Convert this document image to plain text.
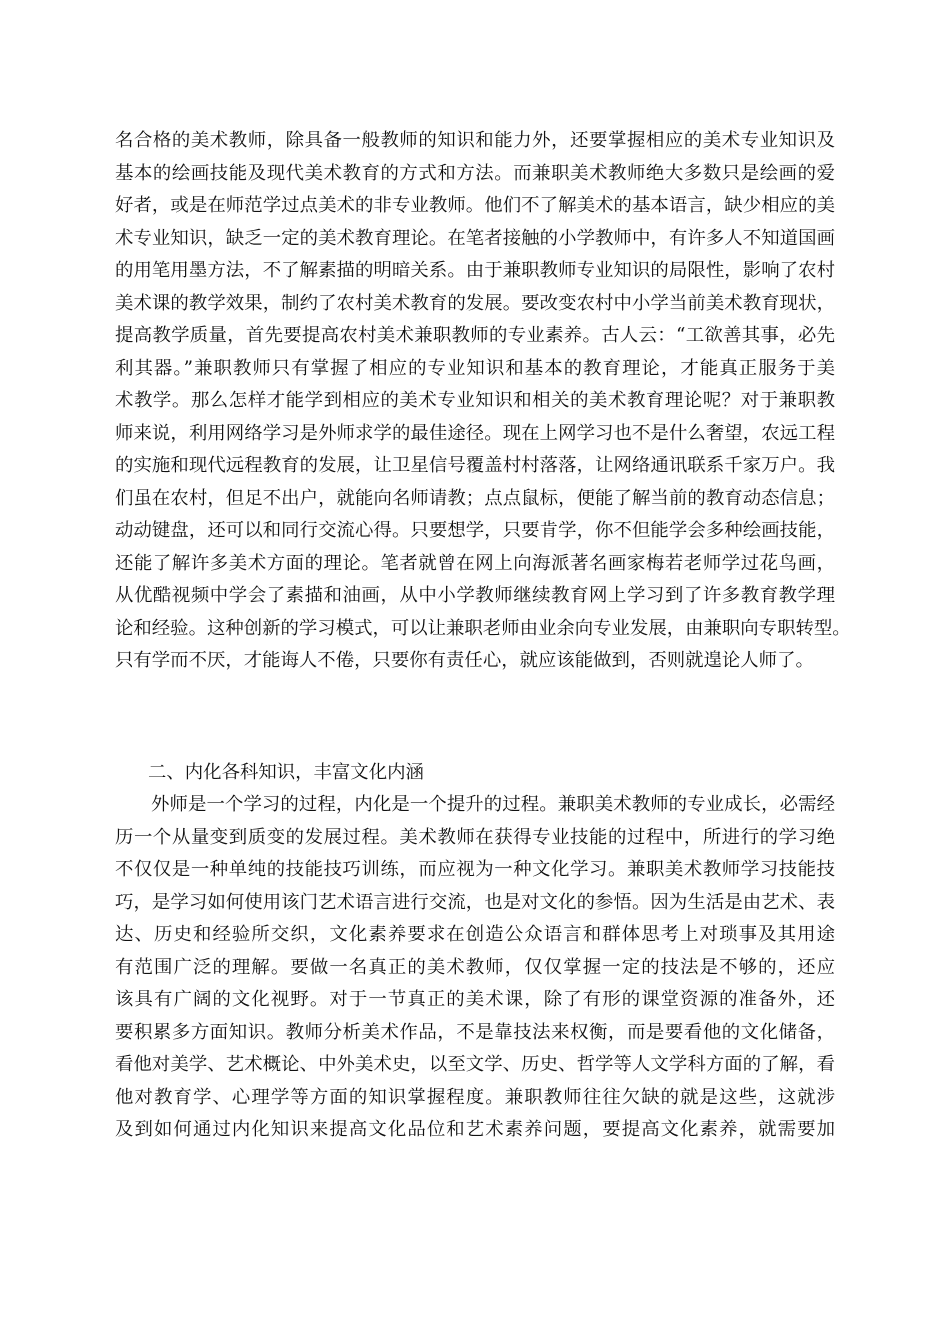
名合格的美术教师，除具备一般教师的知识和能力外，还要掌握相应的美术专业知识及
基本的绘画技能及现代美术教育的方式和方法。而兼职美术教师绝大多数只是绘画的爱
好者，或是在师范学过点美术的非专业教师。他们不了解美术的基本语言，缺少相应的美
术专业知识，缺乏一定的美术教育理论。在笔者接触的小学教师中，有许多人不知道国画
的用笔用墨方法，不了解素描的明暗关系。由于兼职教师专业知识的局限性，影响了农村
美术课的教学效果，制约了农村美术教育的发展。要改变农村中小学当前美术教育现状，
提高教学质量，首先要提高农村美术兼职教师的专业素养。古人云：“工欲善其事，必先
利其器。”兼职教师只有掌握了相应的专业知识和基本的教育理论，才能真正服务于美
术教学。那么怎样才能学到相应的美术专业知识和相关的美术教育理论呢？对于兼职教
师来说，利用网络学习是外师求学的最佳途径。现在上网学习也不是什么奢望，农远工程
的实施和现代远程教育的发展，让卫星信号覆盖村村落落，让网络通讯联系千家万户。我
们虽在农村，但足不出户，就能向名师请教；点点鼠标，便能了解当前的教育动态信息；
动动键盘，还可以和同行交流心得。只要想学，只要肯学，你不但能学会多种绘画技能，
还能了解许多美术方面的理论。笔者就曾在网上向海派著名画家梅若老师学过花鸟画，
从优酷视频中学会了素描和油画，从中小学教师继续教育网上学习到了许多教育教学理
论和经验。这种创新的学习模式，可以让兼职老师由业余向专业发展，由兼职向专职转型。
只有学而不厌，才能诲人不倦，只要你有责任心，就应该能做到，否则就遑论人师了。
二、内化各科知识，丰富文化内涵
外师是一个学习的过程，内化是一个提升的过程。兼职美术教师的专业成长，必需经
历一个从量变到质变的发展过程。美术教师在获得专业技能的过程中，所进行的学习绝
不仅仅是一种单纯的技能技巧训练，而应视为一种文化学习。兼职美术教师学习技能技
巧，是学习如何使用该门艺术语言进行交流，也是对文化的参悟。因为生活是由艺术、表
达、历史和经验所交织，文化素养要求在创造公众语言和群体思考上对琐事及其用途
有范围广泛的理解。要做一名真正的美术教师，仅仅掌握一定的技法是不够的，还应
该具有广阔的文化视野。对于一节真正的美术课，除了有形的课堂资源的准备外，还
要积累多方面知识。教师分析美术作品，不是靠技法来权衡，而是要看他的文化储备，
看他对美学、艺术概论、中外美术史，以至文学、历史、哲学等人文学科方面的了解，看
他对教育学、心理学等方面的知识掌握程度。兼职教师往往欠缺的就是这些，这就涉
及到如何通过内化知识来提高文化品位和艺术素养问题，要提高文化素养，就需要加
